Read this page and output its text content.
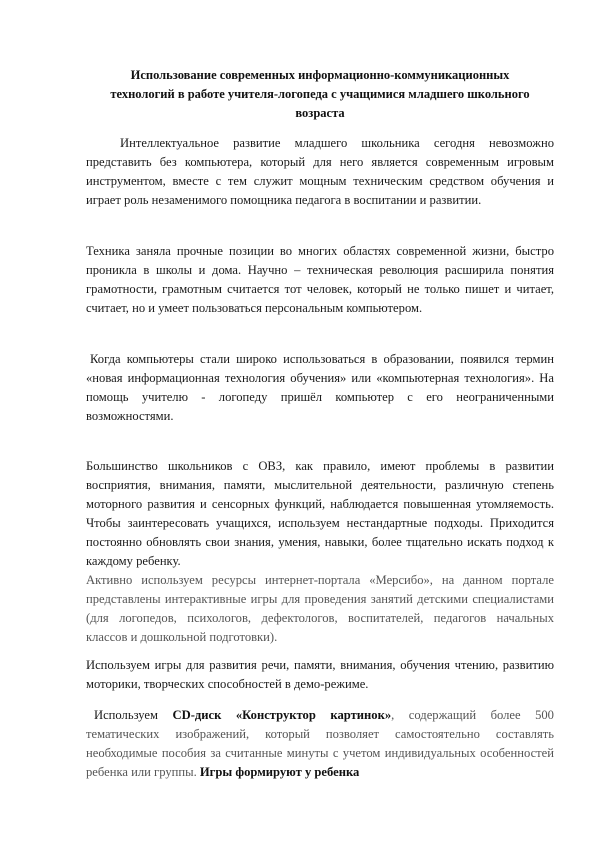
Использование современных информационно-коммуникационных технологий в работе учителя-логопеда с учащимися младшего школьного возраста

Интеллектуальное развитие младшего школьника сегодня невозможно представить без компьютера, который для него является современным игровым инструментом, вместе с тем служит мощным техническим средством обучения и играет роль незаменимого помощника педагога в воспитании и развитии.

Техника заняла прочные позиции во многих областях современной жизни, быстро проникла в школы и дома. Научно – техническая революция расширила понятия грамотности, грамотным считается тот человек, который не только пишет и читает, считает, но и умеет пользоваться персональным компьютером.

Когда компьютеры стали широко использоваться в образовании, появился термин «новая информационная технология обучения» или «компьютерная технология». На помощь учителю - логопеду пришёл компьютер с его неограниченными возможностями.

Большинство школьников с ОВЗ, как правило, имеют проблемы в развитии восприятия, внимания, памяти, мыслительной деятельности, различную степень моторного развития и сенсорных функций, наблюдается повышенная утомляемость. Чтобы заинтересовать учащихся, используем нестандартные подходы. Приходится постоянно обновлять свои знания, умения, навыки, более тщательно искать подход к каждому ребенку.

Активно используем ресурсы интернет-портала «Мерсибо», на данном портале представлены интерактивные игры для проведения занятий детскими специалистами (для логопедов, психологов, дефектологов, воспитателей, педагогов начальных классов и дошкольной подготовки).

Используем игры для развития речи, памяти, внимания, обучения чтению, развитию моторики, творческих способностей в демо-режиме.

Используем CD-диск «Конструктор картинок», содержащий более 500 тематических изображений, который позволяет самостоятельно составлять необходимые пособия за считанные минуты с учетом индивидуальных особенностей ребенка или группы. Игры формируют у ребенка
